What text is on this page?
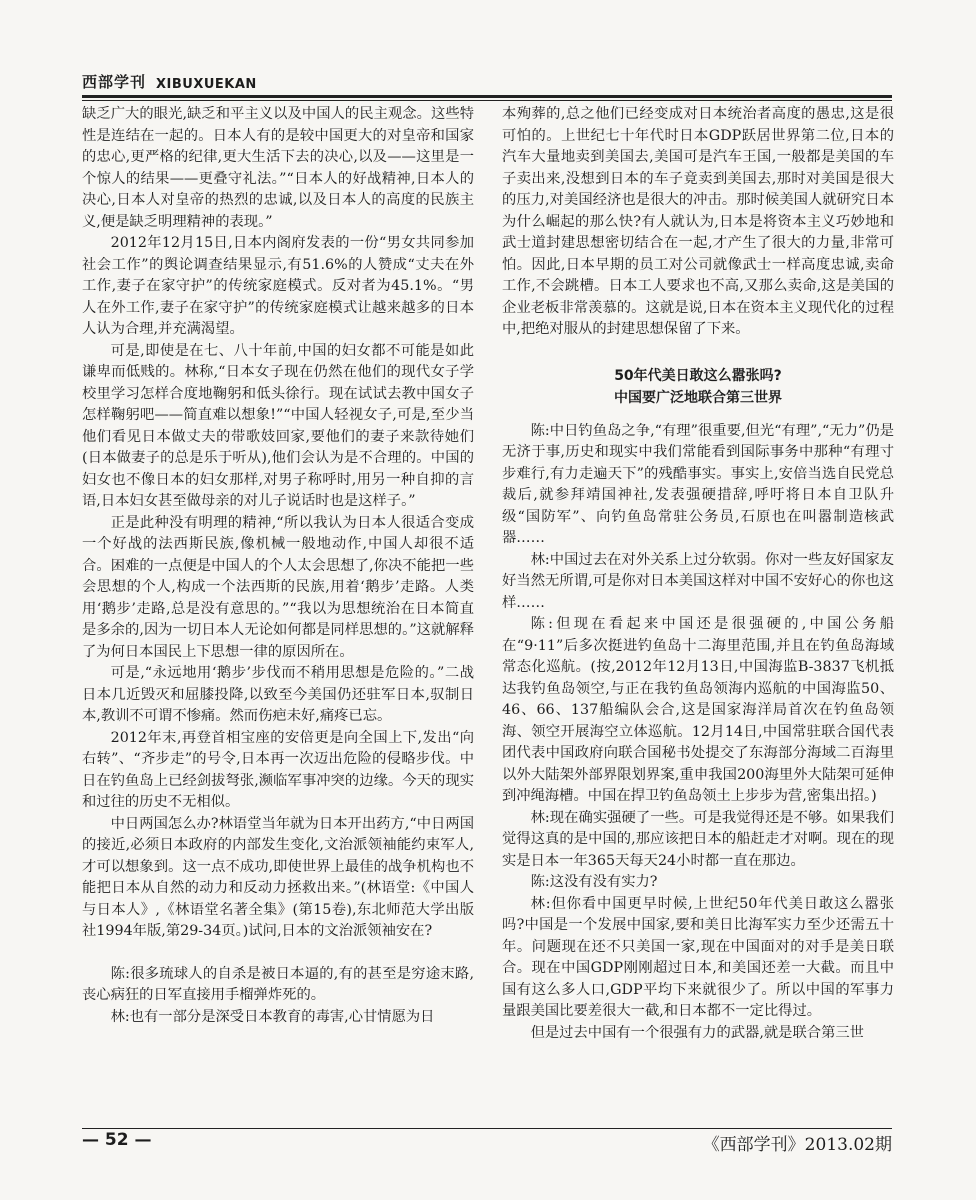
西部学刊 XIBUXUEKAN

缺乏广大的眼光,缺乏和平主义以及中国人的民主观念。这些特性是连结在一起的。日本人有的是较中国更大的对皇帝和国家的忠心,更严格的纪律,更大生活下去的决心,以及——这里是一个惊人的结果——更叠守礼法。”“日本人的好战精神,日本人的决心,日本人对皇帝的热烈的忠诚,以及日本人的高度的民族主义,便是缺乏明理精神的表现。”

2012年12月15日,日本内阁府发表的一份“男女共同参加社会工作”的舆论调查结果显示,有51.6%的人赞成“丈夫在外工作,妻子在家守护”的传统家庭模式。反对者为45.1%。“男人在外工作,妻子在家守护”的传统家庭模式让越来越多的日本人认为合理,并充满渴望。

可是,即使是在七、八十年前,中国的妇女都不可能是如此谦卑而低贱的。林称,“日本女子现在仍然在他们的现代女子学校里学习怎样合度地鞠躬和低头徐行。现在试试去教中国女子怎样鞠躬吧——简直难以想象!”“中国人轻视女子,可是,至少当他们看见日本做丈夫的带歌妓回家,要他们的妻子来款待她们(日本做妻子的总是乐于听从),他们会认为是不合理的。中国的妇女也不像日本的妇女那样,对男子称呼时,用另一种自抑的言语,日本妇女甚至做母亲的对儿子说话时也是这样子。”

正是此种没有明理的精神,“所以我认为日本人很适合变成一个好战的法西斯民族,像机械一般地动作,中国人却很不适合。困难的一点便是中国人的个人太会思想了,你决不能把一些会思想的个人,构成一个法西斯的民族,用着‘鹅步’走路。人类用‘鹅步’走路,总是没有意思的。”“我以为思想统治在日本简直是多余的,因为一切日本人无论如何都是同样思想的。”这就解释了为何日本国民上下思想一律的原因所在。

可是,“永远地用‘鹅步’步伐而不稍用思想是危险的。”二战日本几近毁灭和屈膝投降,以致至今美国仍还驻军日本,驭制日本,教训不可谓不惨痛。然而伤疤未好,痛疼已忘。

2012年末,再登首相宝座的安倍更是向全国上下,发出“向右转”、“齐步走”的号令,日本再一次迈出危险的侵略步伐。中日在钓鱼岛上已经剑拔弩张,濒临军事冲突的边缘。今天的现实和过往的历史不无相似。

中日两国怎么办?林语堂当年就为日本开出药方,“中日两国的接近,必须日本政府的内部发生变化,文治派领袖能约束军人,才可以想象到。这一点不成功,即使世界上最佳的战争机构也不能把日本从自然的动力和反动力拯救出来。”(林语堂:《中国人与日本人》,《林语堂名著全集》(第15卷),东北师范大学出版社1994年版,第29-34页。)试问,日本的文治派领袖安在?

陈:很多琉球人的自杀是被日本逼的,有的甚至是穷途末路,丧心病狂的日军直接用手榴弹炸死的。

林:也有一部分是深受日本教育的毒害,心甘情愿为日

本殉葬的,总之他们已经变成对日本统治者高度的愚忠,这是很可怕的。上世纪七十年代时日本GDP跃居世界第二位,日本的汽车大量地卖到美国去,美国可是汽车王国,一般都是美国的车子卖出来,没想到日本的车子竟卖到美国去,那时对美国是很大的压力,对美国经济也是很大的冲击。那时候美国人就研究日本为什么崛起的那么快?有人就认为,日本是将资本主义巧妙地和武士道封建思想密切结合在一起,才产生了很大的力量,非常可怕。因此,日本早期的员工对公司就像武士一样高度忠诚,卖命工作,不会跳槽。日本工人要求也不高,又那么卖命,这是美国的企业老板非常羡慕的。这就是说,日本在资本主义现代化的过程中,把绝对服从的封建思想保留了下来。

50年代美日敢这么嚣张吗?

中国要广泛地联合第三世界

陈:中日钓鱼岛之争,“有理”很重要,但光“有理”,“无力”仍是无济于事,历史和现实中我们常能看到国际事务中那种“有理寸步难行,有力走遍天下”的残酷事实。事实上,安倍当选自民党总裁后,就参拜靖国神社,发表强硬措辞,呼吁将日本自卫队升级“国防军”、向钓鱼岛常驻公务员,石原也在叫嚣制造核武器……

林:中国过去在对外关系上过分软弱。你对一些友好国家友好当然无所谓,可是你对日本美国这样对中国不安好心的你也这样……

陈:但现在看起来中国还是很强硬的,中国公务船在“9·11”后多次挺进钓鱼岛十二海里范围,并且在钓鱼岛海域常态化巡航。(按,2012年12月13日,中国海监B-3837飞机抵达我钓鱼岛领空,与正在我钓鱼岛领海内巡航的中国海监50、46、66、137船编队会合,这是国家海洋局首次在钓鱼岛领海、领空开展海空立体巡航。12月14日,中国常驻联合国代表团代表中国政府向联合国秘书处提交了东海部分海域二百海里以外大陆架外部界限划界案,重申我国200海里外大陆架可延伸到冲绳海槽。中国在捍卫钓鱼岛领土上步步为营,密集出招。)

林:现在确实强硬了一些。可是我觉得还是不够。如果我们觉得这真的是中国的,那应该把日本的船赶走才对啊。现在的现实是日本一年365天每天24小时都一直在那边。

陈:这没有没有实力?

林:但你看中国更早时候,上世纪50年代美日敢这么嚣张吗?中国是一个发展中国家,要和美日比海军实力至少还需五十年。问题现在还不只美国一家,现在中国面对的对手是美日联合。现在中国GDP刚刚超过日本,和美国还差一大截。而且中国有这么多人口,GDP平均下来就很少了。所以中国的军事力量跟美国比要差很大一截,和日本都不一定比得过。

但是过去中国有一个很强有力的武器,就是联合第三世

— 52 —	《西部学刊》2013.02期
